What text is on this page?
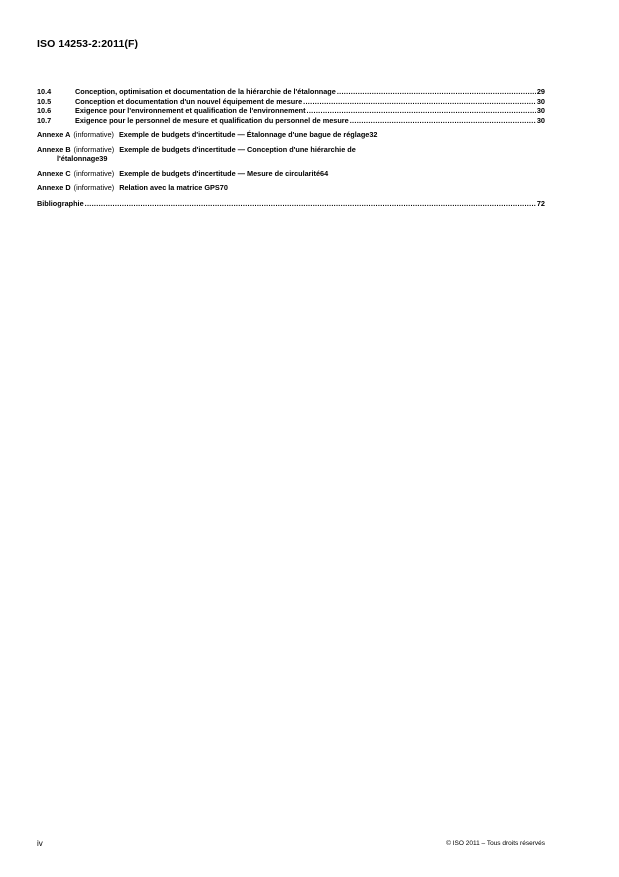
ISO 14253-2:2011(F)
10.4	Conception, optimisation et documentation de la hiérarchie de l'étalonnage .....	29
10.5	Conception et documentation d'un nouvel équipement de mesure .....	30
10.6	Exigence pour l'environnement et qualification de l'environnement .....	30
10.7	Exigence pour le personnel de mesure et qualification du personnel de mesure .....	30
Annexe A (informative) Exemple de budgets d'incertitude — Étalonnage d'une bague de réglage 32
Annexe B (informative) Exemple de budgets d'incertitude — Conception d'une hiérarchie de
l'étalonnage 39
Annexe C (informative) Exemple de budgets d'incertitude — Mesure de circularité 64
Annexe D (informative) Relation avec la matrice GPS 70
Bibliographie .....	72
iv	© ISO 2011 – Tous droits réservés
